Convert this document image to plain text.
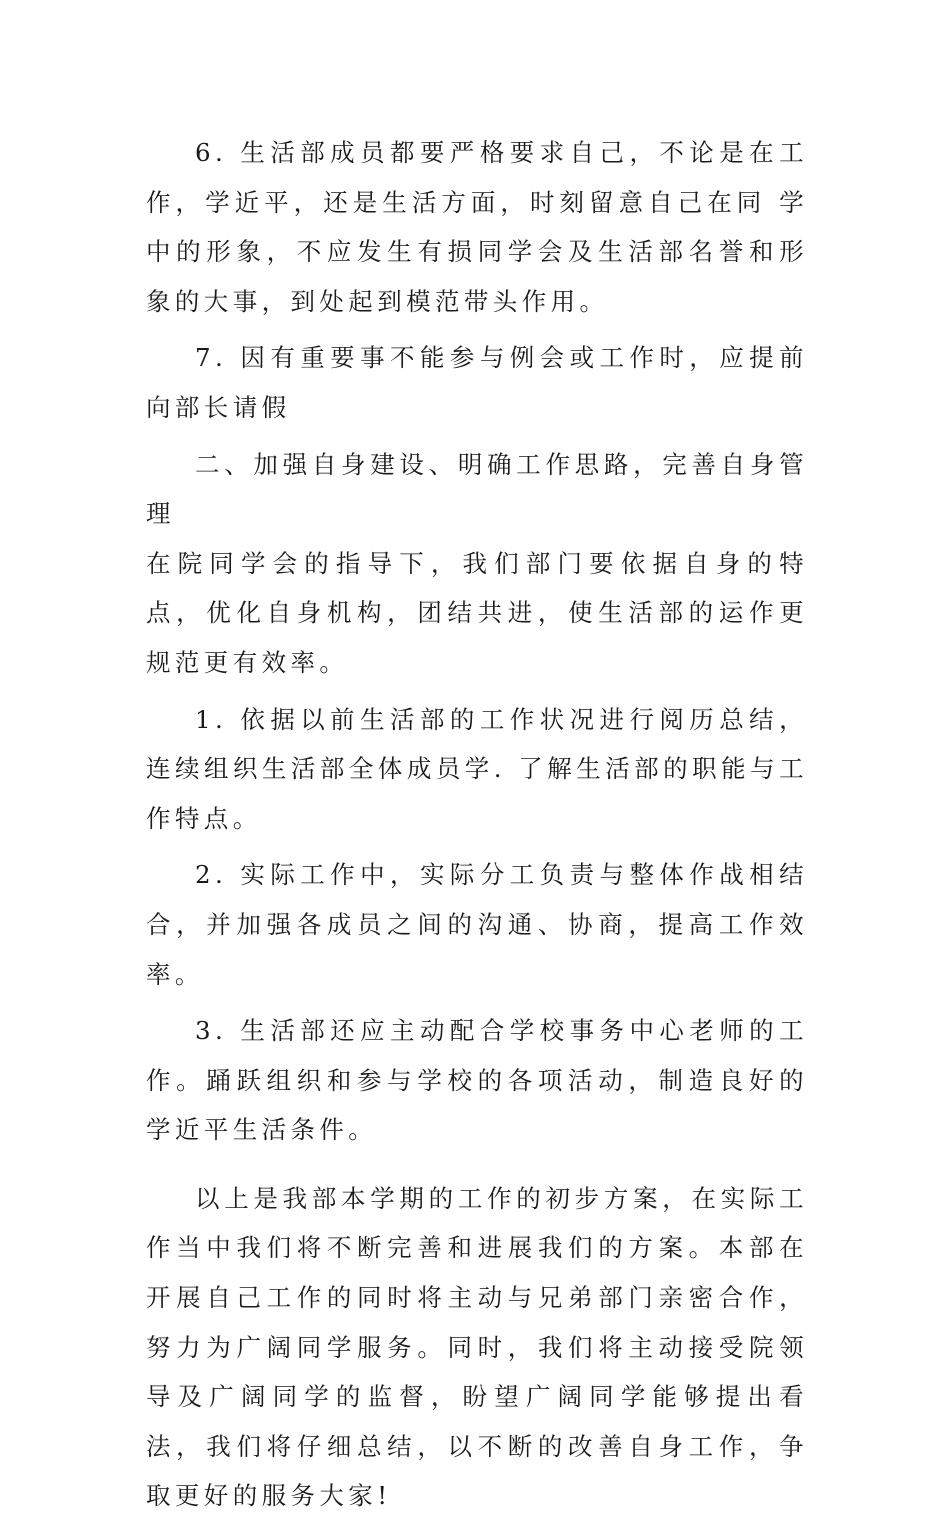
6. 生活部成员都要严格要求自己，不论是在工作，学近平，还是生活方面，时刻留意自己在同 学中的形象，不应发生有损同学会及生活部名誉和形象的大事，到处起到模范带头作用。

7. 因有重要事不能参与例会或工作时，应提前向部长请假

二、加强自身建设、明确工作思路，完善自身管理

在院同学会的指导下，我们部门要依据自身的特点，优化自身机构，团结共进，使生活部的运作更规范更有效率。

1. 依据以前生活部的工作状况进行阅历总结，连续组织生活部全体成员学. 了解生活部的职能与工作特点。

2. 实际工作中，实际分工负责与整体作战相结合，并加强各成员之间的沟通、协商，提高工作效率。

3. 生活部还应主动配合学校事务中心老师的工作。踊跃组织和参与学校的各项活动，制造良好的学近平生活条件。

以上是我部本学期的工作的初步方案，在实际工作当中我们将不断完善和进展我们的方案。本部在开展自己工作的同时将主动与兄弟部门亲密合作，努力为广阔同学服务。同时，我们将主动接受院领导及广阔同学的监督，盼望广阔同学能够提出看法，我们将仔细总结，以不断的改善自身工作，争取更好的服务大家!
